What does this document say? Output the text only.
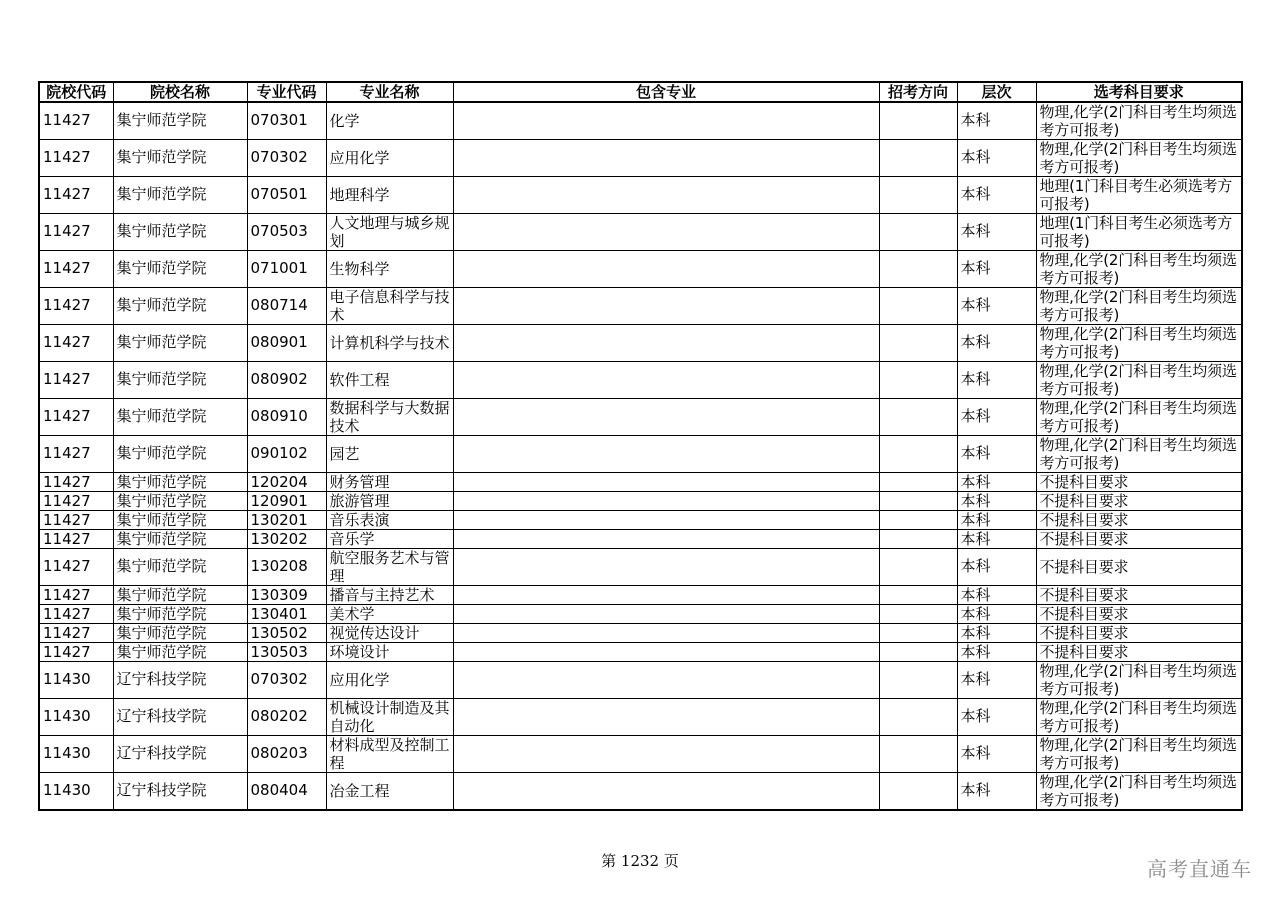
院校代码	院校名称	专业代码	专业名称	包含专业	招考方向	层次	选考科目要求
11427	集宁师范学院	070301	化学			本科	物理,化学(2门科目考生均须选考方可报考)
11427	集宁师范学院	070302	应用化学			本科	物理,化学(2门科目考生均须选考方可报考)
11427	集宁师范学院	070501	地理科学			本科	地理(1门科目考生必须选考方可报考)
11427	集宁师范学院	070503	人文地理与城乡规划			本科	地理(1门科目考生必须选考方可报考)
11427	集宁师范学院	071001	生物科学			本科	物理,化学(2门科目考生均须选考方可报考)
11427	集宁师范学院	080714	电子信息科学与技术			本科	物理,化学(2门科目考生均须选考方可报考)
11427	集宁师范学院	080901	计算机科学与技术			本科	物理,化学(2门科目考生均须选考方可报考)
11427	集宁师范学院	080902	软件工程			本科	物理,化学(2门科目考生均须选考方可报考)
11427	集宁师范学院	080910	数据科学与大数据技术			本科	物理,化学(2门科目考生均须选考方可报考)
11427	集宁师范学院	090102	园艺			本科	物理,化学(2门科目考生均须选考方可报考)
11427	集宁师范学院	120204	财务管理			本科	不提科目要求
11427	集宁师范学院	120901	旅游管理			本科	不提科目要求
11427	集宁师范学院	130201	音乐表演			本科	不提科目要求
11427	集宁师范学院	130202	音乐学			本科	不提科目要求
11427	集宁师范学院	130208	航空服务艺术与管理			本科	不提科目要求
11427	集宁师范学院	130309	播音与主持艺术			本科	不提科目要求
11427	集宁师范学院	130401	美术学			本科	不提科目要求
11427	集宁师范学院	130502	视觉传达设计			本科	不提科目要求
11427	集宁师范学院	130503	环境设计			本科	不提科目要求
11430	辽宁科技学院	070302	应用化学			本科	物理,化学(2门科目考生均须选考方可报考)
11430	辽宁科技学院	080202	机械设计制造及其自动化			本科	物理,化学(2门科目考生均须选考方可报考)
11430	辽宁科技学院	080203	材料成型及控制工程			本科	物理,化学(2门科目考生均须选考方可报考)
11430	辽宁科技学院	080404	冶金工程			本科	物理,化学(2门科目考生均须选考方可报考)
第 1232 页	高考直通车
